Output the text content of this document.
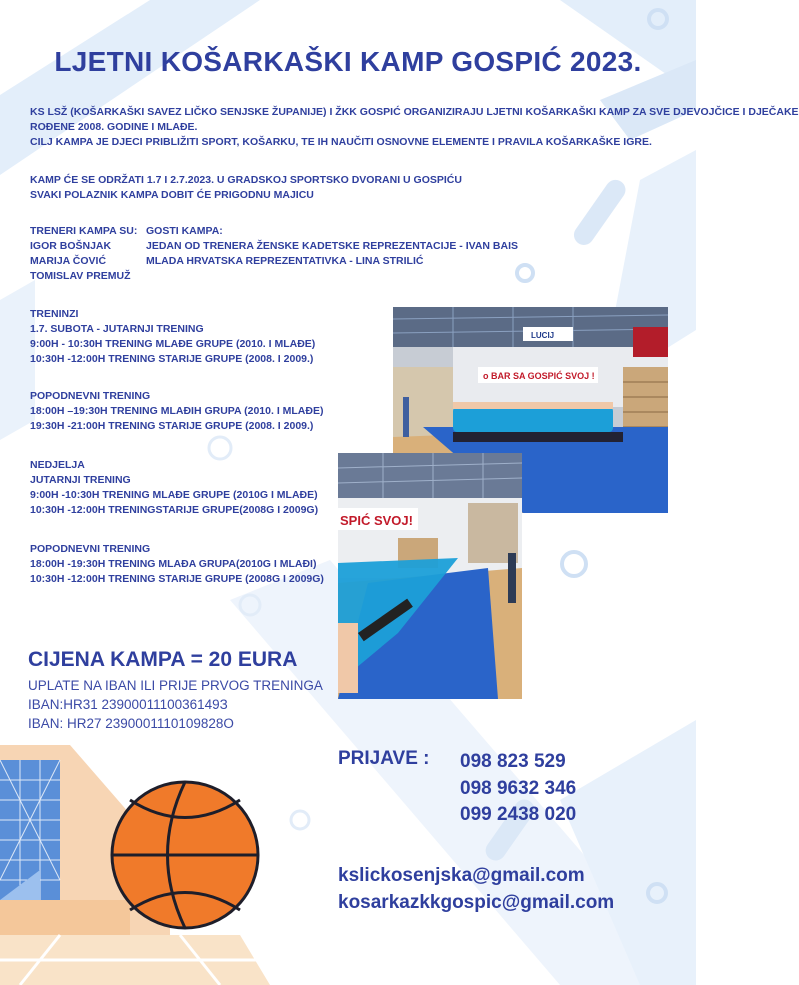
LJETNI KOŠARKAŠKI KAMP GOSPIĆ 2023.
KS LSŽ (KOŠARKAŠKI SAVEZ LIČKO SENJSKE ŽUPANIJE) I ŽKK GOSPIĆ ORGANIZIRAJU LJETNI KOŠARKAŠKI KAMP ZA SVE DJEVOJČICE I DJEČAKE
ROĐENE 2008. GODINE I MLAĐE.
CILJ KAMPA JE DJECI PRIBLIŽITI SPORT, KOŠARKU, TE IH NAUČITI OSNOVNE ELEMENTE I PRAVILA KOŠARKAŠKE IGRE.
KAMP ĆE SE ODRŽATI 1.7 I 2.7.2023. U GRADSKOJ SPORTSKO DVORANI U GOSPIĆU
SVAKI POLAZNIK KAMPA DOBIT ĆE PRIGODNU MAJICU
TRENERI KAMPA SU:
IGOR BOŠNJAK
MARIJA ČOVIĆ
TOMISLAV PREMUŽ
GOSTI KAMPA:
JEDAN OD TRENERA ŽENSKE KADETSKE REPREZENTACIJE - IVAN BAIS
MLADA HRVATSKA REPREZENTATIVKA - LINA STRILIĆ
TRENINZI
1.7. SUBOTA - JUTARNJI TRENING
9:00H - 10:30H TRENING MLAĐE GRUPE (2010. I MLAĐE)
10:30H -12:00H TRENING STARIJE GRUPE (2008. I 2009.)
POPODNEVNI TRENING
18:00H –19:30H TRENING MLAĐIH GRUPA (2010. I MLAĐE)
19:30H -21:00H TRENING STARIJE GRUPE (2008. I 2009.)
NEDJELJA
JUTARNJI TRENING
9:00H -10:30H TRENING MLAĐE GRUPE (2010G I MLAĐE)
10:30H -12:00H TRENINGSTARIJE GRUPE(2008G I 2009G)
POPODNEVNI TRENING
18:00H -19:30H TRENING MLAĐA GRUPA(2010G I MLAĐI)
10:30H -12:00H TRENING STARIJE GRUPE (2008G I 2009G)
CIJENA KAMPA = 20 EURA
UPLATE NA IBAN ILI PRIJE PRVOG TRENINGA
IBAN:HR31 2390001110036149З
IBAN: HR27 2390001110109828О
o BAR SA GOSPIĆ SVOJ !
LUCIJ
SPIĆ SVOJ!
PRIJAVE : 098 823 529
098 9632 346
099 2438 020
kslickosenjska@gmail.com
kosarkazkkgospic@gmail.com
